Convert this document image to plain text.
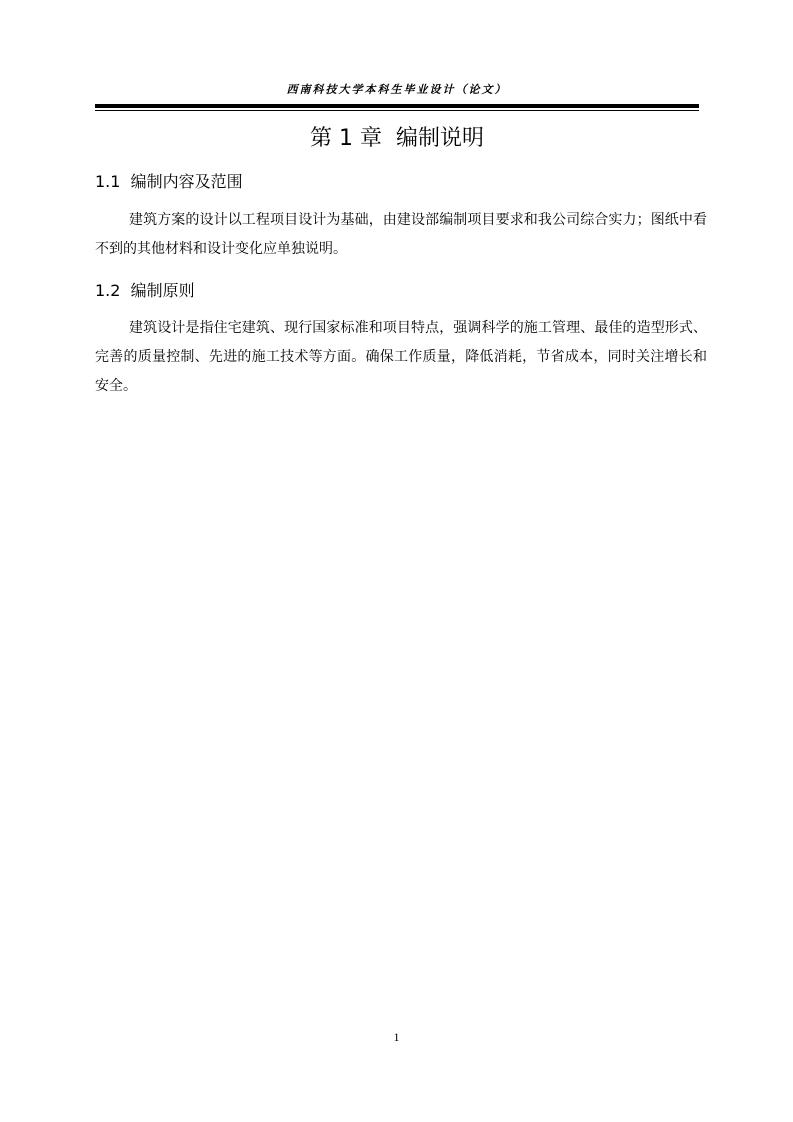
西南科技大学本科生毕业设计（论文）
第 1 章  编制说明
1.1  编制内容及范围
建筑方案的设计以工程项目设计为基础，由建设部编制项目要求和我公司综合实力；图纸中看不到的其他材料和设计变化应单独说明。
1.2  编制原则
建筑设计是指住宅建筑、现行国家标准和项目特点，强调科学的施工管理、最佳的造型形式、完善的质量控制、先进的施工技术等方面。确保工作质量，降低消耗，节省成本，同时关注增长和安全。
1
